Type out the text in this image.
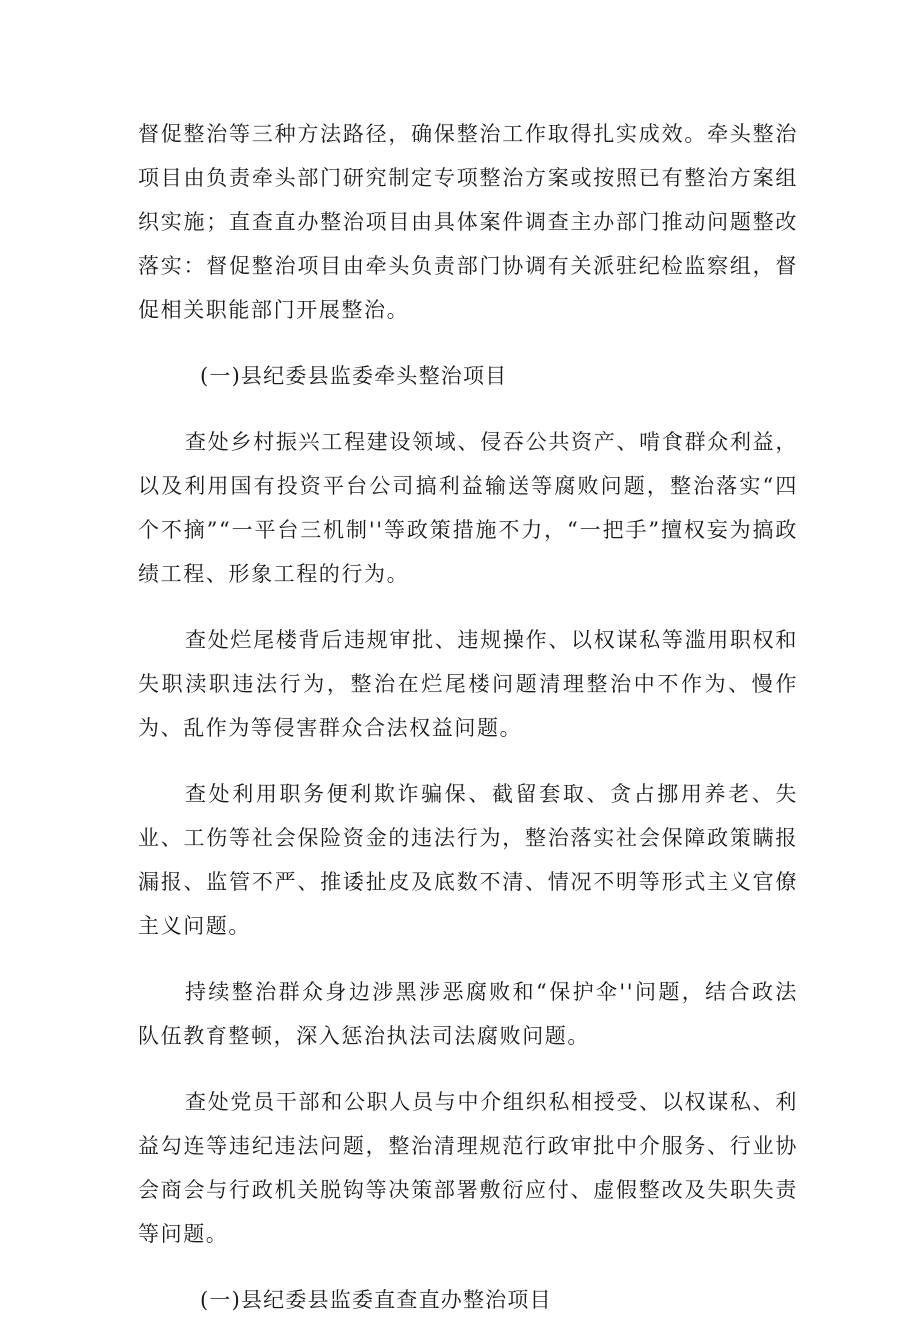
督促整治等三种方法路径，确保整治工作取得扎实成效。牵头整治项目由负责牵头部门研究制定专项整治方案或按照已有整治方案组织实施；直查直办整治项目由具体案件调查主办部门推动问题整改落实：督促整治项目由牵头负责部门协调有关派驻纪检监察组，督促相关职能部门开展整治。

(一)县纪委县监委牵头整治项目

查处乡村振兴工程建设领域、侵吞公共资产、啃食群众利益，以及利用国有投资平台公司搞利益输送等腐败问题，整治落实“四个不摘”“一平台三机制''等政策措施不力，“一把手”擅权妄为搞政绩工程、形象工程的行为。

查处烂尾楼背后违规审批、违规操作、以权谋私等滥用职权和失职渎职违法行为，整治在烂尾楼问题清理整治中不作为、慢作为、乱作为等侵害群众合法权益问题。

查处利用职务便利欺诈骗保、截留套取、贪占挪用养老、失业、工伤等社会保险资金的违法行为，整治落实社会保障政策瞒报漏报、监管不严、推诿扯皮及底数不清、情况不明等形式主义官僚主义问题。

持续整治群众身边涉黑涉恶腐败和“保护伞''问题，结合政法队伍教育整顿，深入惩治执法司法腐败问题。

查处党员干部和公职人员与中介组织私相授受、以权谋私、利益勾连等违纪违法问题，整治清理规范行政审批中介服务、行业协会商会与行政机关脱钩等决策部署敷衍应付、虚假整改及失职失责等问题。

(一)县纪委县监委直查直办整治项目
